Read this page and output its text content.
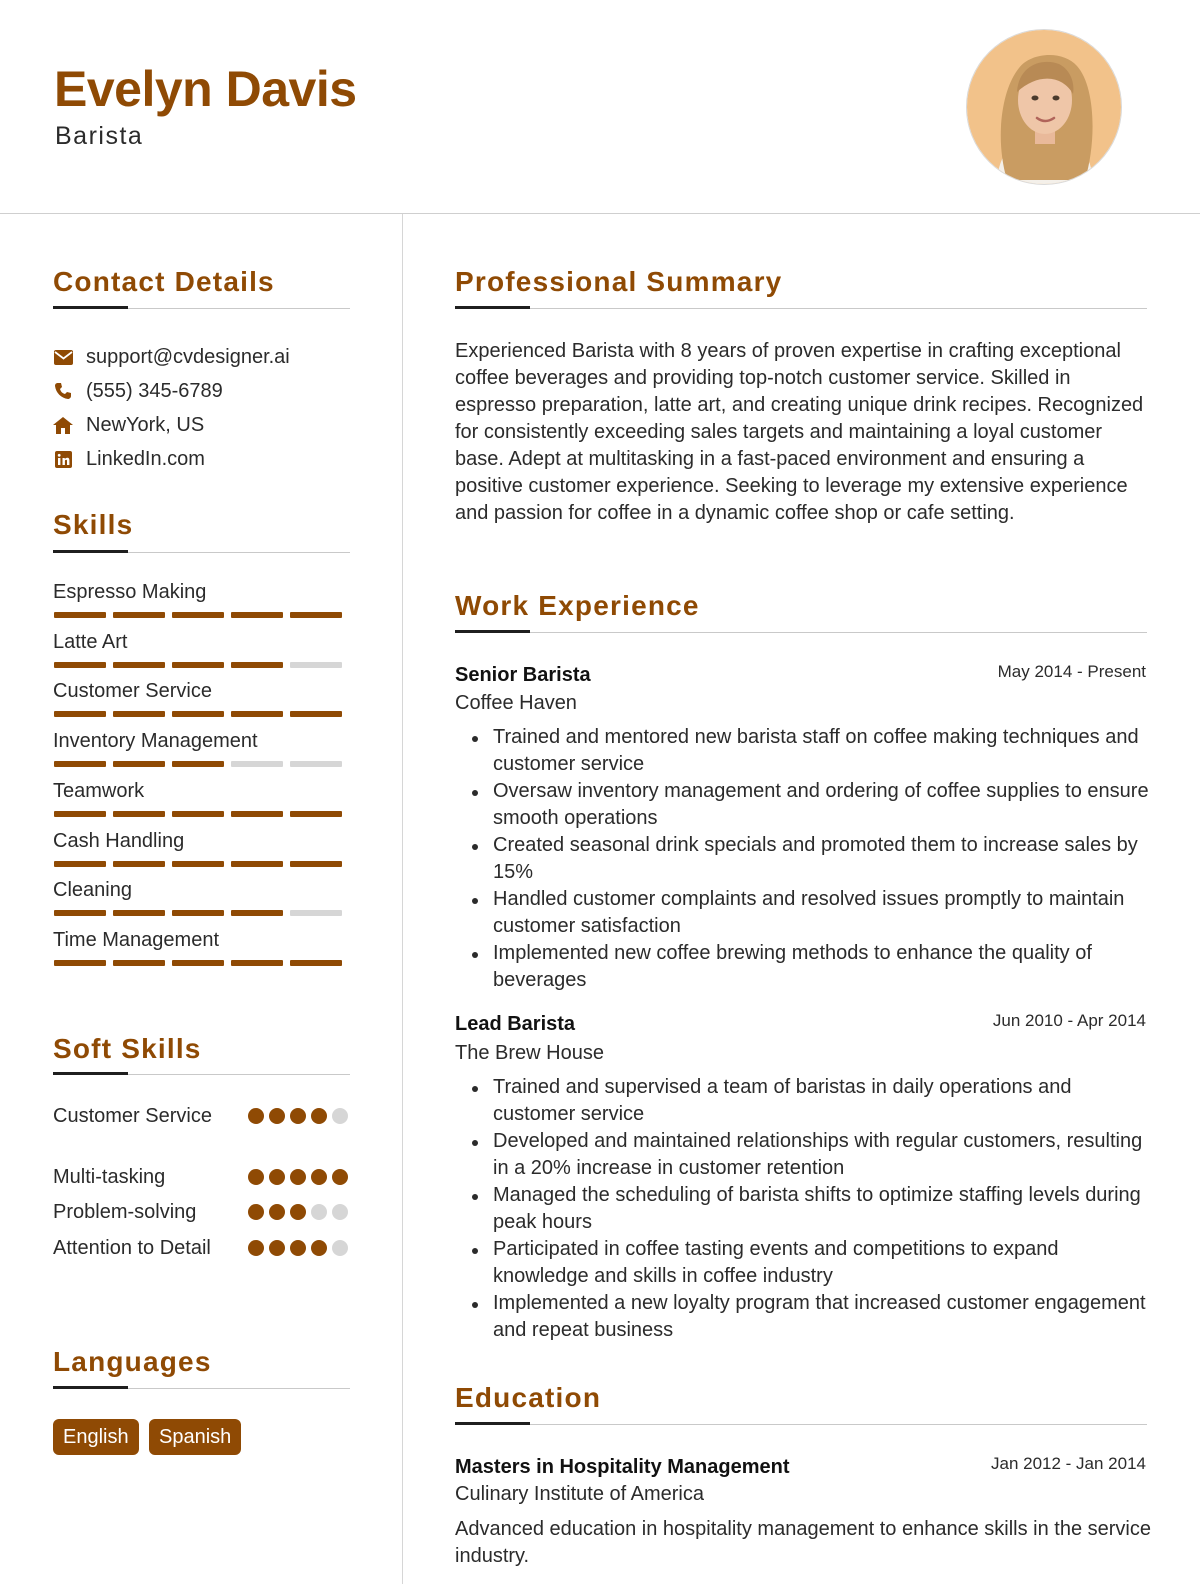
Evelyn Davis
Barista
Contact Details
support@cvdesigner.ai
(555) 345-6789
NewYork, US
LinkedIn.com
Skills
Espresso Making
Latte Art
Customer Service
Inventory Management
Teamwork
Cash Handling
Cleaning
Time Management
Soft Skills
Customer Service
Multi-tasking
Problem-solving
Attention to Detail
Languages
English	Spanish
Professional Summary
Experienced Barista with 8 years of proven expertise in crafting exceptional coffee beverages and providing top-notch customer service. Skilled in espresso preparation, latte art, and creating unique drink recipes. Recognized for consistently exceeding sales targets and maintaining a loyal customer base. Adept at multitasking in a fast-paced environment and ensuring a positive customer experience. Seeking to leverage my extensive experience and passion for coffee in a dynamic coffee shop or cafe setting.
Work Experience
Senior Barista	May 2014 - Present
Coffee Haven
Trained and mentored new barista staff on coffee making techniques and customer service
Oversaw inventory management and ordering of coffee supplies to ensure smooth operations
Created seasonal drink specials and promoted them to increase sales by 15%
Handled customer complaints and resolved issues promptly to maintain customer satisfaction
Implemented new coffee brewing methods to enhance the quality of beverages
Lead Barista	Jun 2010 - Apr 2014
The Brew House
Trained and supervised a team of baristas in daily operations and customer service
Developed and maintained relationships with regular customers, resulting in a 20% increase in customer retention
Managed the scheduling of barista shifts to optimize staffing levels during peak hours
Participated in coffee tasting events and competitions to expand knowledge and skills in coffee industry
Implemented a new loyalty program that increased customer engagement and repeat business
Education
Masters in Hospitality Management	Jan 2012 - Jan 2014
Culinary Institute of America
Advanced education in hospitality management to enhance skills in the service industry.
